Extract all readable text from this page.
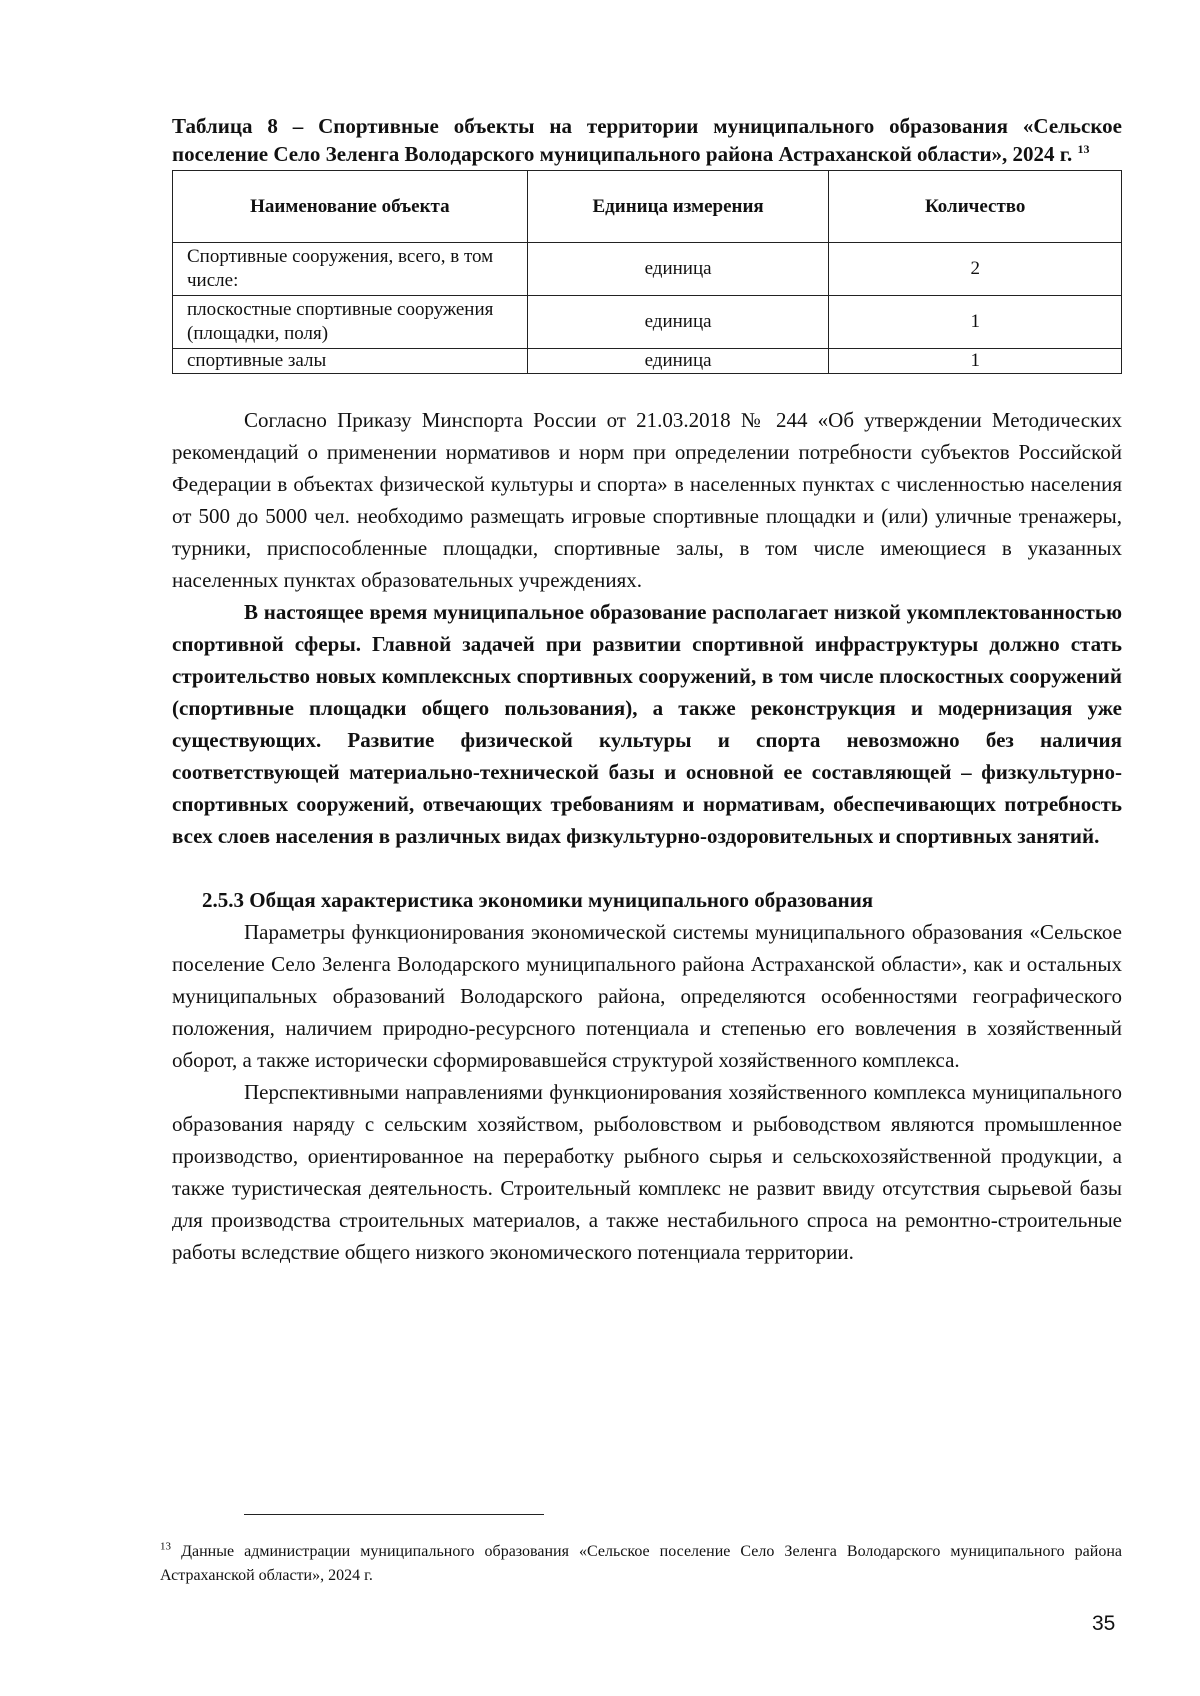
Таблица 8 – Спортивные объекты на территории муниципального образования «Сельское поселение Село Зеленга Володарского муниципального района Астраханской области», 2024 г. $^{13}$
Наименование объекта	Единица измерения	Количество
Спортивные сооружения, всего, в том числе:	единица	2
плоскостные спортивные сооружения (площадки, поля)	единица	1
спортивные залы	единица	1

Согласно Приказу Минспорта России от 21.03.2018 № 244 «Об утверждении Методических рекомендаций о применении нормативов и норм при определении потребности субъектов Российской Федерации в объектах физической культуры и спорта» в населенных пунктах с численностью населения от 500 до 5000 чел. необходимо размещать игровые спортивные площадки и (или) уличные тренажеры, турники, приспособленные площадки, спортивные залы, в том числе имеющиеся в указанных населенных пунктах образовательных учреждениях.

В настоящее время муниципальное образование располагает низкой укомплектованностью спортивной сферы. Главной задачей при развитии спортивной инфраструктуры должно стать строительство новых комплексных спортивных сооружений, в том числе плоскостных сооружений (спортивные площадки общего пользования), а также реконструкция и модернизация уже существующих. Развитие физической культуры и спорта невозможно без наличия соответствующей материально-технической базы и основной ее составляющей – физкультурно-спортивных сооружений, отвечающих требованиям и нормативам, обеспечивающих потребность всех слоев населения в различных видах физкультурно-оздоровительных и спортивных занятий.

2.5.3 Общая характеристика экономики муниципального образования

Параметры функционирования экономической системы муниципального образования «Сельское поселение Село Зеленга Володарского муниципального района Астраханской области», как и остальных муниципальных образований Володарского района, определяются особенностями географического положения, наличием природно-ресурсного потенциала и степенью его вовлечения в хозяйственный оборот, а также исторически сформировавшейся структурой хозяйственного комплекса.

Перспективными направлениями функционирования хозяйственного комплекса муниципального образования наряду с сельским хозяйством, рыболовством и рыбоводством являются промышленное производство, ориентированное на переработку рыбного сырья и сельскохозяйственной продукции, а также туристическая деятельность. Строительный комплекс не развит ввиду отсутствия сырьевой базы для производства строительных материалов, а также нестабильного спроса на ремонтно-строительные работы вследствие общего низкого экономического потенциала территории.

$^{13}$ Данные администрации муниципального образования «Сельское поселение Село Зеленга Володарского муниципального района Астраханской области», 2024 г.
35
